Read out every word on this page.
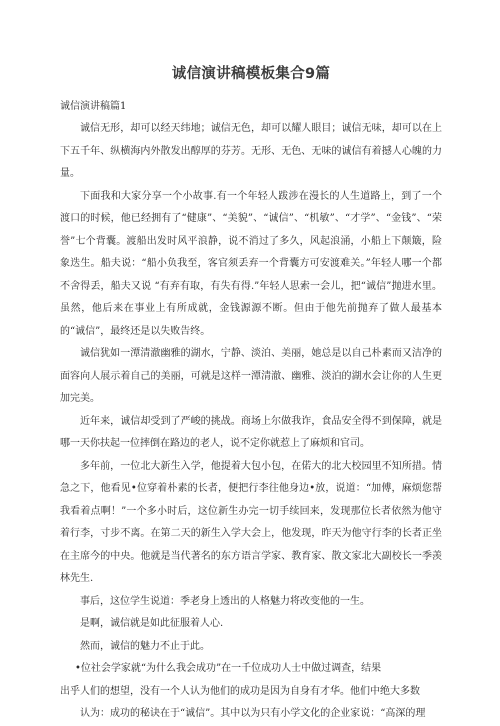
诚信演讲稿模板集合9篇
诚信演讲稿篇1

诚信无形，却可以经天纬地；诚信无色，却可以耀人眼目；诚信无味，却可以在上下五千年、纵横海内外散发出醇厚的芬芳。无形、无色、无味的诚信有着撼人心魄的力量。

下面我和大家分享一个小故事.有一个年轻人跋涉在漫长的人生道路上，到了一个渡口的时候，他已经拥有了“健康”、“美貌”、“诚信”、“机敏”、“才学”、“金钱”、“荣誉”七个背囊。渡船出发时风平浪静，说不消过了多久，风起浪涌，小船上下颠簸，险象迭生。船夫说：“船小负我至，客官须丢弃一个背囊方可安渡难关。”年轻人哪一个都不舍得丢，船夫又说 “有弃有取，有失有得.”年轻人思索一会儿，把“诚信”抛进水里。虽然，他后来在事业上有所成就，金钱源源不断。但由于他先前抛弃了做人最基本的“诚信”，最终还是以失败告终。

诚信犹如一潭清澈幽雅的湖水，宁静、淡泊、美丽，她总是以自己朴素而又洁净的面容向人展示着自己的美丽，可就是这样一潭清澈、幽雅、淡泊的湖水会让你的人生更加完美。

近年来，诚信却受到了严峻的挑战。商场上尔做我诈，食品安全得不到保障，就是哪一天你扶起一位摔倒在路边的老人，说不定你就惹上了麻烦和官司。

多年前，一位北大新生入学，他提着大包小包，在偌大的北大校园里不知所措。情急之下，他看见•位穿着朴素的长者，便把行李往他身边•放，说道：“加傅，麻烦您帮我看着点啊！”一个多小时后，这位新生办完一切手续回来，发现那位长者依然为他守着行李，寸步不离。在第二天的新生入学大会上，他发现，昨天为他守行李的长者正坐在主席今的中央。他就是当代著名的东方语言学家、教育家、散文家北大副校长一季羡林先生.

事后，这位学生说道：季老身上透出的人格魅力将改变他的一生。

是啊，诚信就是如此征服着人心.

然而，诚信的魅力不止于此。

•位社会学家就“为什么我会成功”在一千位成功人士中做过调查，结果

出乎人们的想望，没有一个人认为他们的成功是因为自身有才华。他们中绝大多数

认为：成功的秘诀在于“诚信”。其中以为只有小学文化的企业家说：“高深的理
